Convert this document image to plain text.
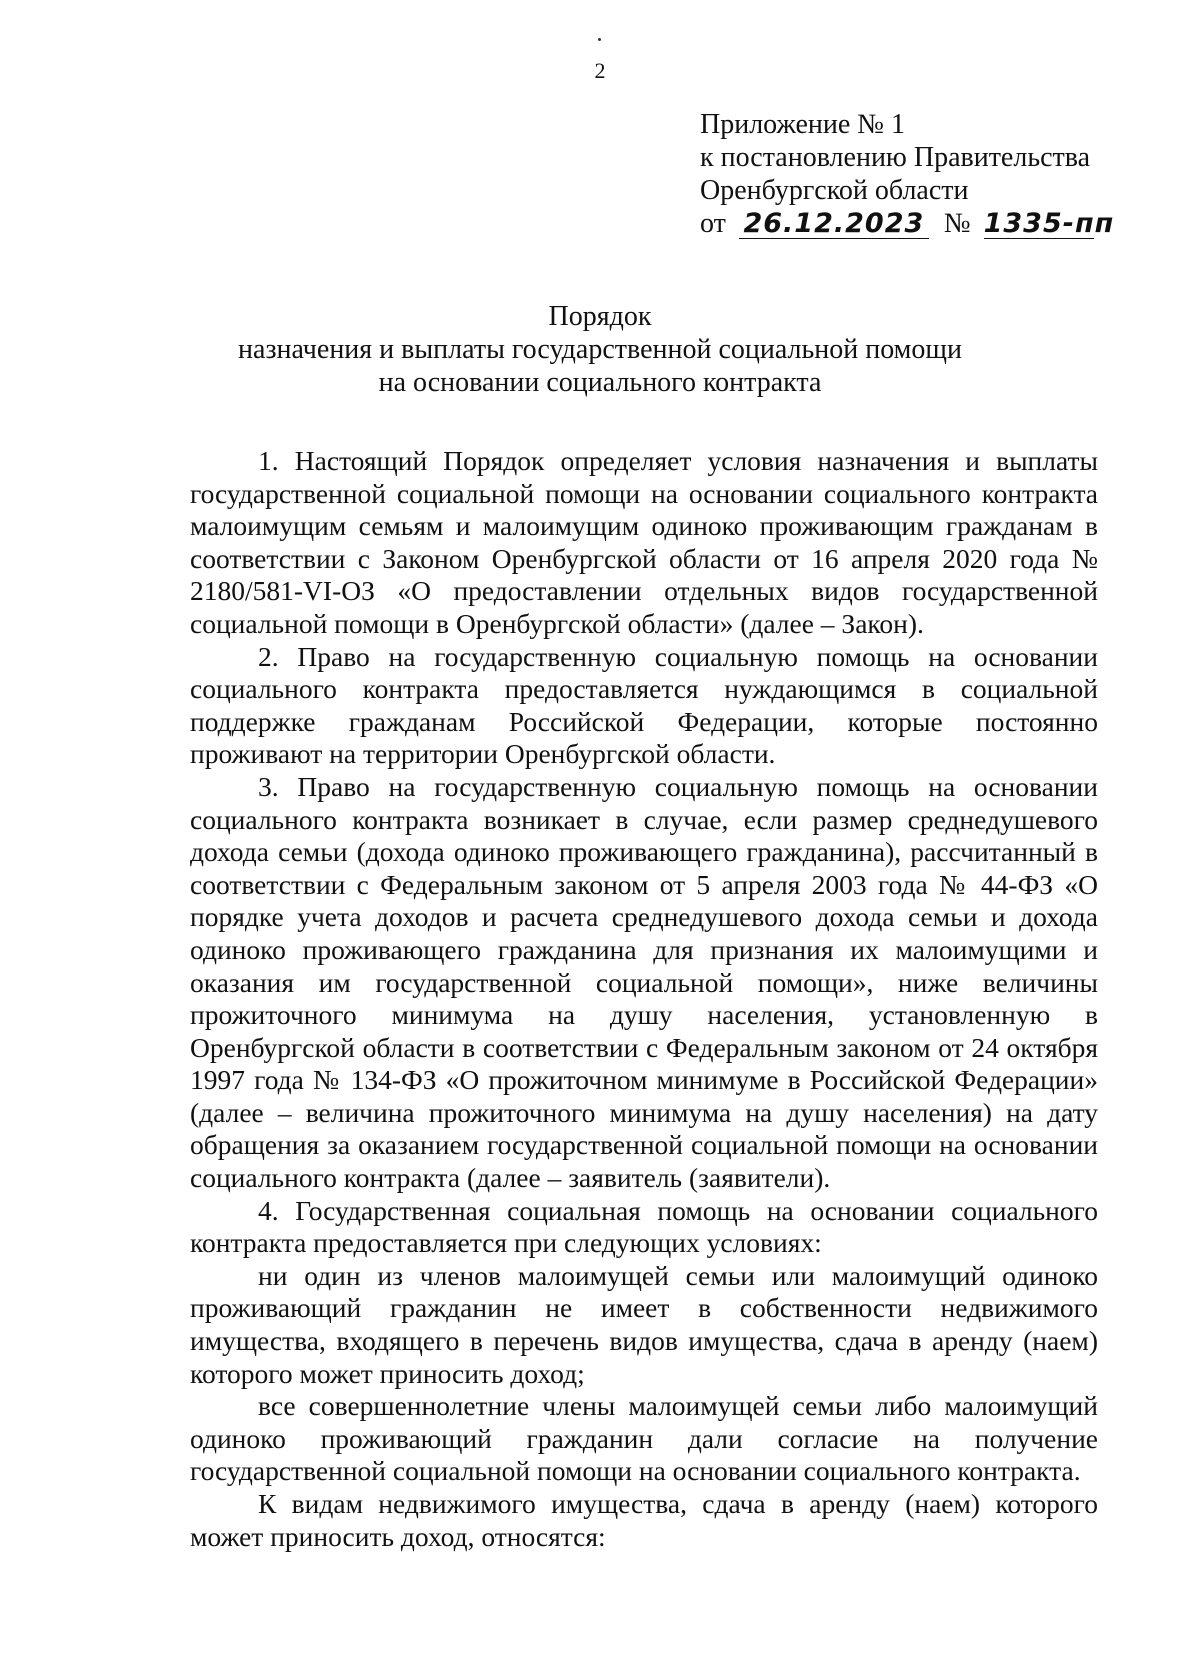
2
Приложение № 1
к постановлению Правительства
Оренбургской области
от 26.12.2023 № 1335-пп
Порядок
назначения и выплаты государственной социальной помощи
на основании социального контракта

1. Настоящий Порядок определяет условия назначения и выплаты государственной социальной помощи на основании социального контракта малоимущим семьям и малоимущим одиноко проживающим гражданам в соответствии с Законом Оренбургской области от 16 апреля 2020 года № 2180/581-VI-ОЗ «О предоставлении отдельных видов государственной социальной помощи в Оренбургской области» (далее – Закон).

2. Право на государственную социальную помощь на основании социального контракта предоставляется нуждающимся в социальной поддержке гражданам Российской Федерации, которые постоянно проживают на территории Оренбургской области.

3. Право на государственную социальную помощь на основании социального контракта возникает в случае, если размер среднедушевого дохода семьи (дохода одиноко проживающего гражданина), рассчитанный в соответствии с Федеральным законом от 5 апреля 2003 года № 44-ФЗ «О порядке учета доходов и расчета среднедушевого дохода семьи и дохода одиноко проживающего гражданина для признания их малоимущими и оказания им государственной социальной помощи», ниже величины прожиточного минимума на душу населения, установленную в Оренбургской области в соответствии с Федеральным законом от 24 октября 1997 года № 134-ФЗ «О прожиточном минимуме в Российской Федерации» (далее – величина прожиточного минимума на душу населения) на дату обращения за оказанием государственной социальной помощи на основании социального контракта (далее – заявитель (заявители).

4. Государственная социальная помощь на основании социального контракта предоставляется при следующих условиях:

ни один из членов малоимущей семьи или малоимущий одиноко проживающий гражданин не имеет в собственности недвижимого имущества, входящего в перечень видов имущества, сдача в аренду (наем) которого может приносить доход;

все совершеннолетние члены малоимущей семьи либо малоимущий одиноко проживающий гражданин дали согласие на получение государственной социальной помощи на основании социального контракта.

К видам недвижимого имущества, сдача в аренду (наем) которого может приносить доход, относятся:
